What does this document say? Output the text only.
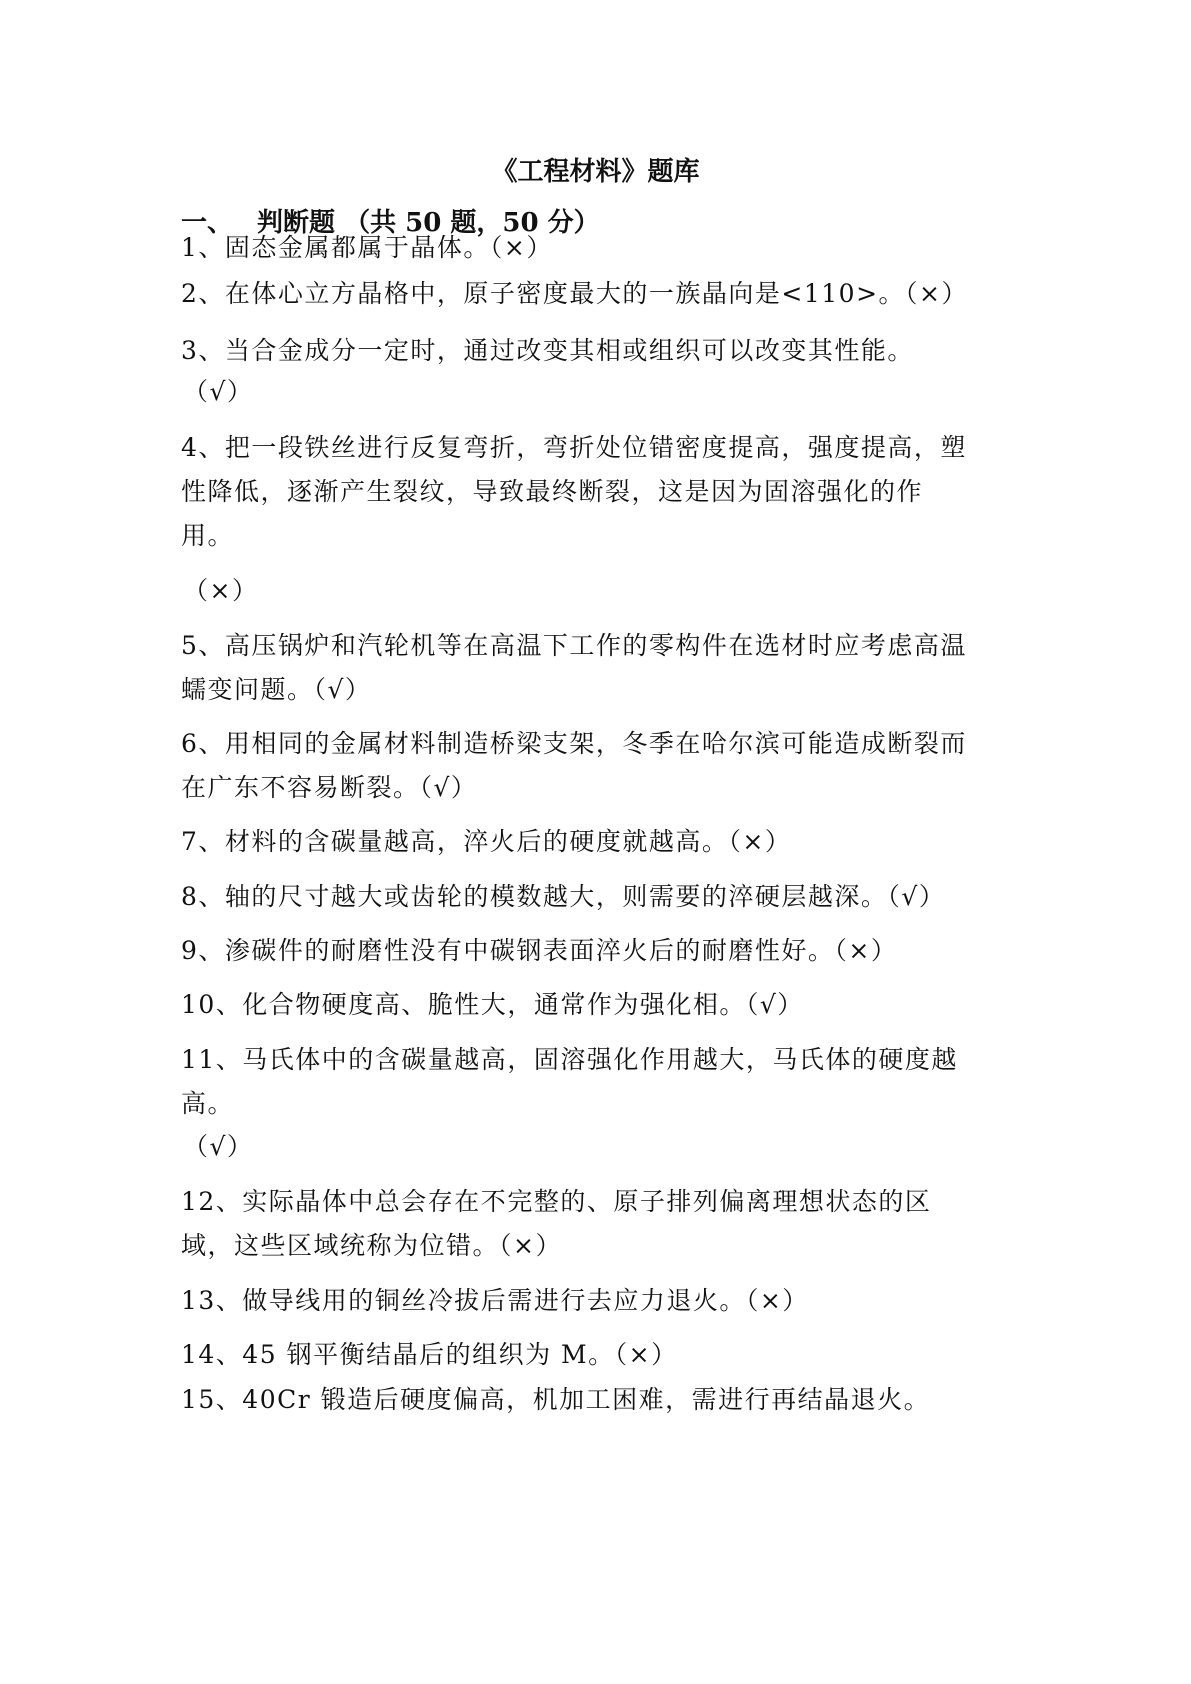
《工程材料》题库
一、 判断题 （共 50 题，50 分）
1、固态金属都属于晶体。（×）
2、在体心立方晶格中，原子密度最大的一族晶向是<110>。（×）
3、当合金成分一定时，通过改变其相或组织可以改变其性能。
（√）
4、把一段铁丝进行反复弯折，弯折处位错密度提高，强度提高，塑
性降低，逐渐产生裂纹，导致最终断裂，这是因为固溶强化的作
用。
（×）
5、高压锅炉和汽轮机等在高温下工作的零构件在选材时应考虑高温
蠕变问题。（√）
6、用相同的金属材料制造桥梁支架，冬季在哈尔滨可能造成断裂而
在广东不容易断裂。（√）
7、材料的含碳量越高，淬火后的硬度就越高。（×）
8、轴的尺寸越大或齿轮的模数越大，则需要的淬硬层越深。（√）
9、渗碳件的耐磨性没有中碳钢表面淬火后的耐磨性好。（×）
10、化合物硬度高、脆性大，通常作为强化相。（√）
11、马氏体中的含碳量越高，固溶强化作用越大，马氏体的硬度越
高。
（√）
12、实际晶体中总会存在不完整的、原子排列偏离理想状态的区
域，这些区域统称为位错。（×）
13、做导线用的铜丝冷拔后需进行去应力退火。（×）
14、45 钢平衡结晶后的组织为 M。（×）
15、40Cr 锻造后硬度偏高，机加工困难，需进行再结晶退火。
